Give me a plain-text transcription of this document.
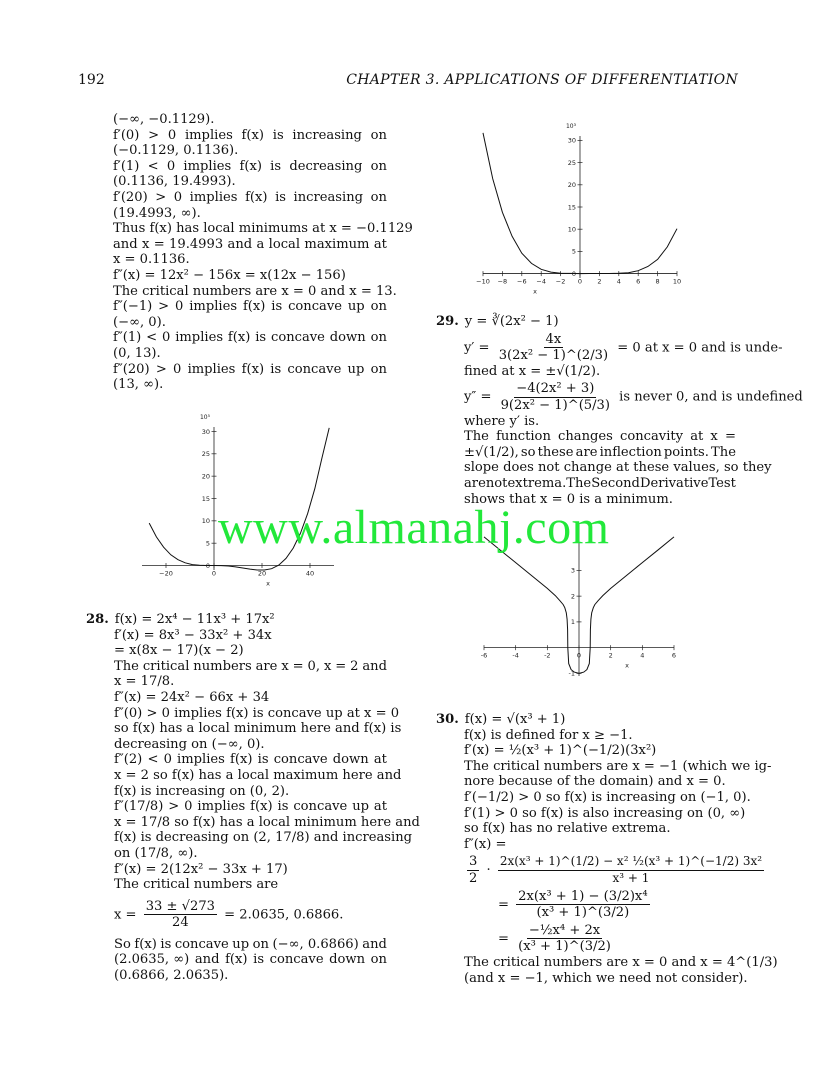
192	CHAPTER 3. APPLICATIONS OF DIFFERENTIATION
(−∞, −0.1129).
f′(0) > 0 implies f(x) is increasing on
(−0.1129, 0.1136).
f′(1) < 0 implies f(x) is decreasing on
(0.1136, 19.4993).
f′(20) > 0 implies f(x) is increasing on
(19.4993, ∞).
Thus f(x) has local minimums at x = −0.1129
and x = 19.4993 and a local maximum at
x = 0.1136.
f″(x) = 12x² − 156x = x(12x − 156)
The critical numbers are x = 0 and x = 13.
f″(−1) > 0 implies f(x) is concave up on
(−∞, 0).
f″(1) < 0 implies f(x) is concave down on
(0, 13).
f″(20) > 0 implies f(x) is concave up on
(13, ∞).
−20	0	20	40
0
5
10
15
20
25
30
10⁵
x
28. f(x) = 2x⁴ − 11x³ + 17x²
f′(x) = 8x³ − 33x² + 34x
= x(8x − 17)(x − 2)
The critical numbers are x = 0, x = 2 and
x = 17/8.
f″(x) = 24x² − 66x + 34
f″(0) > 0 implies f(x) is concave up at x = 0
so f(x) has a local minimum here and f(x) is
decreasing on (−∞, 0).
f″(2) < 0 implies f(x) is concave down at
x = 2 so f(x) has a local maximum here and
f(x) is increasing on (0, 2).
f″(17/8) > 0 implies f(x) is concave up at
x = 17/8 so f(x) has a local minimum here and
f(x) is decreasing on (2, 17/8) and increasing
on (17/8, ∞).
f″(x) = 2(12x² − 33x + 17)
The critical numbers are
$x = \frac{33 \pm √273}{24} = 2.0635$, 0.6866.
So f(x) is concave up on (−∞, 0.6866) and
(2.0635, ∞) and f(x) is concave down on
(0.6866, 2.0635).
−10 −8 −6 −4 −2 0 2 4 6 8 10
0
5
10
15
20
25
30
10³
x
29. y = ∛(2x² − 1)
$y' = \frac{4x}{\text{3(2x² − 1)\textasciicircum{}(2/3)}} = 0$ at x = 0 and is unde-
fined at x = ±√(1/2).
$y'' = \frac{\text{−4(2x² + 3)}}{\text{9(2x² − 1)\textasciicircum{}(5/3)}}$ is never 0, and is undefined
where y′ is.
The function changes concavity at x =
±√(1/2), so these are inflection points. The
slope does not change at these values, so they
are not extrema. The Second Derivative Test
shows that x = 0 is a minimum.
-6	-4	-2	0	2	4	6
-1
1
2
3
x
30. f(x) = √(x³ + 1)
f(x) is defined for x ≥ −1.
f′(x) = ½(x³ + 1)^(−1/2)(3x²)
The critical numbers are x = −1 (which we ig-
nore because of the domain) and x = 0.
f′(−1/2) > 0 so f(x) is increasing on (−1, 0).
f′(1) > 0 so f(x) is also increasing on (0, ∞)
so f(x) has no relative extrema.
f″(x) =
$\frac{3}{2} \cdot \frac{\text{2x(x³ + 1)\textasciicircum{}(1/2) − x² ½(x³ + 1)\textasciicircum{}(−1/2) 3x²}}{\text{x³ + 1}}$
= $\frac{\text{2x(x³ + 1) − (3/2)x⁴}}{\text{(x³ + 1)\textasciicircum{}(3/2)}}$
= $\frac{\text{−½x⁴ + 2x}}{\text{(x³ + 1)\textasciicircum{}(3/2)}}$
The critical numbers are x = 0 and x = 4^(1/3)
(and x = −1, which we need not consider).
www.almanahj.com
